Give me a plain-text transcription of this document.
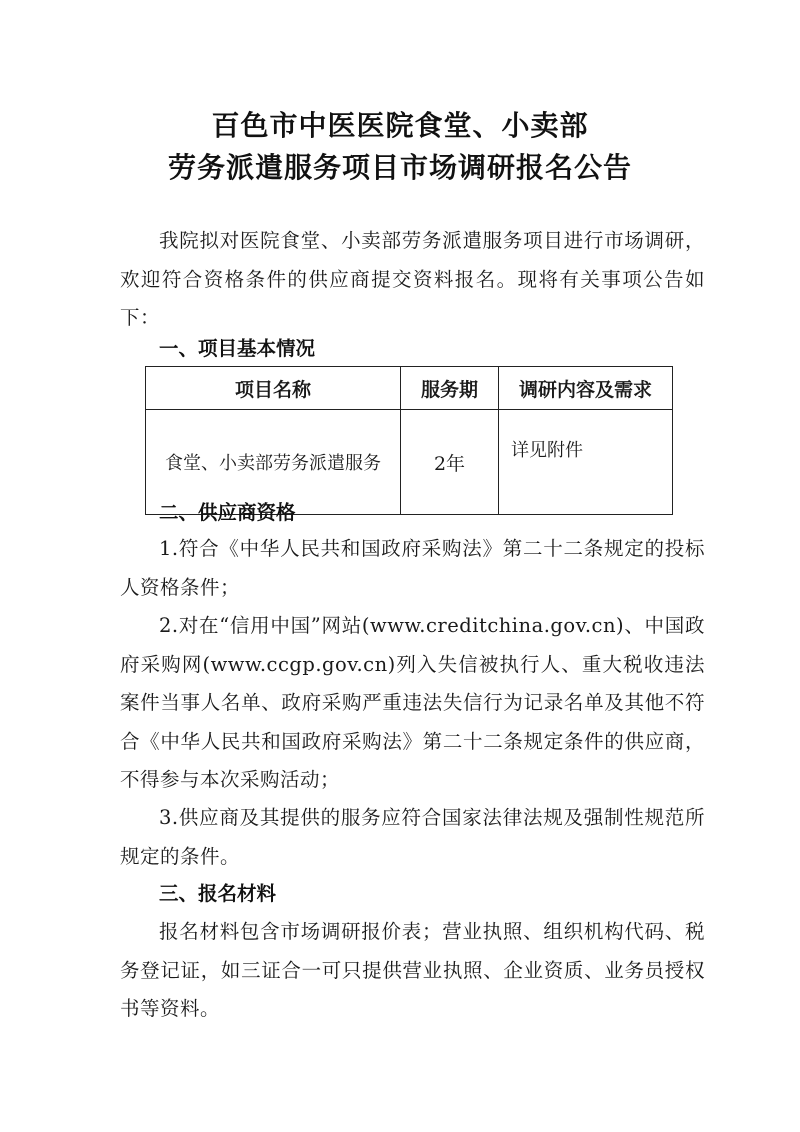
百色市中医医院食堂、小卖部
劳务派遣服务项目市场调研报名公告

我院拟对医院食堂、小卖部劳务派遣服务项目进行市场调研，欢迎符合资格条件的供应商提交资料报名。现将有关事项公告如下：

一、项目基本情况
项目名称	服务期	调研内容及需求
食堂、小卖部劳务派遣服务	2年	详见附件
二、供应商资格

1.符合《中华人民共和国政府采购法》第二十二条规定的投标人资格条件；

2.对在“信用中国”网站(www.creditchina.gov.cn)、中国政府采购网(www.ccgp.gov.cn)列入失信被执行人、重大税收违法案件当事人名单、政府采购严重违法失信行为记录名单及其他不符合《中华人民共和国政府采购法》第二十二条规定条件的供应商，不得参与本次采购活动；

3.供应商及其提供的服务应符合国家法律法规及强制性规范所规定的条件。

三、报名材料

报名材料包含市场调研报价表；营业执照、组织机构代码、税务登记证，如三证合一可只提供营业执照、企业资质、业务员授权书等资料。
